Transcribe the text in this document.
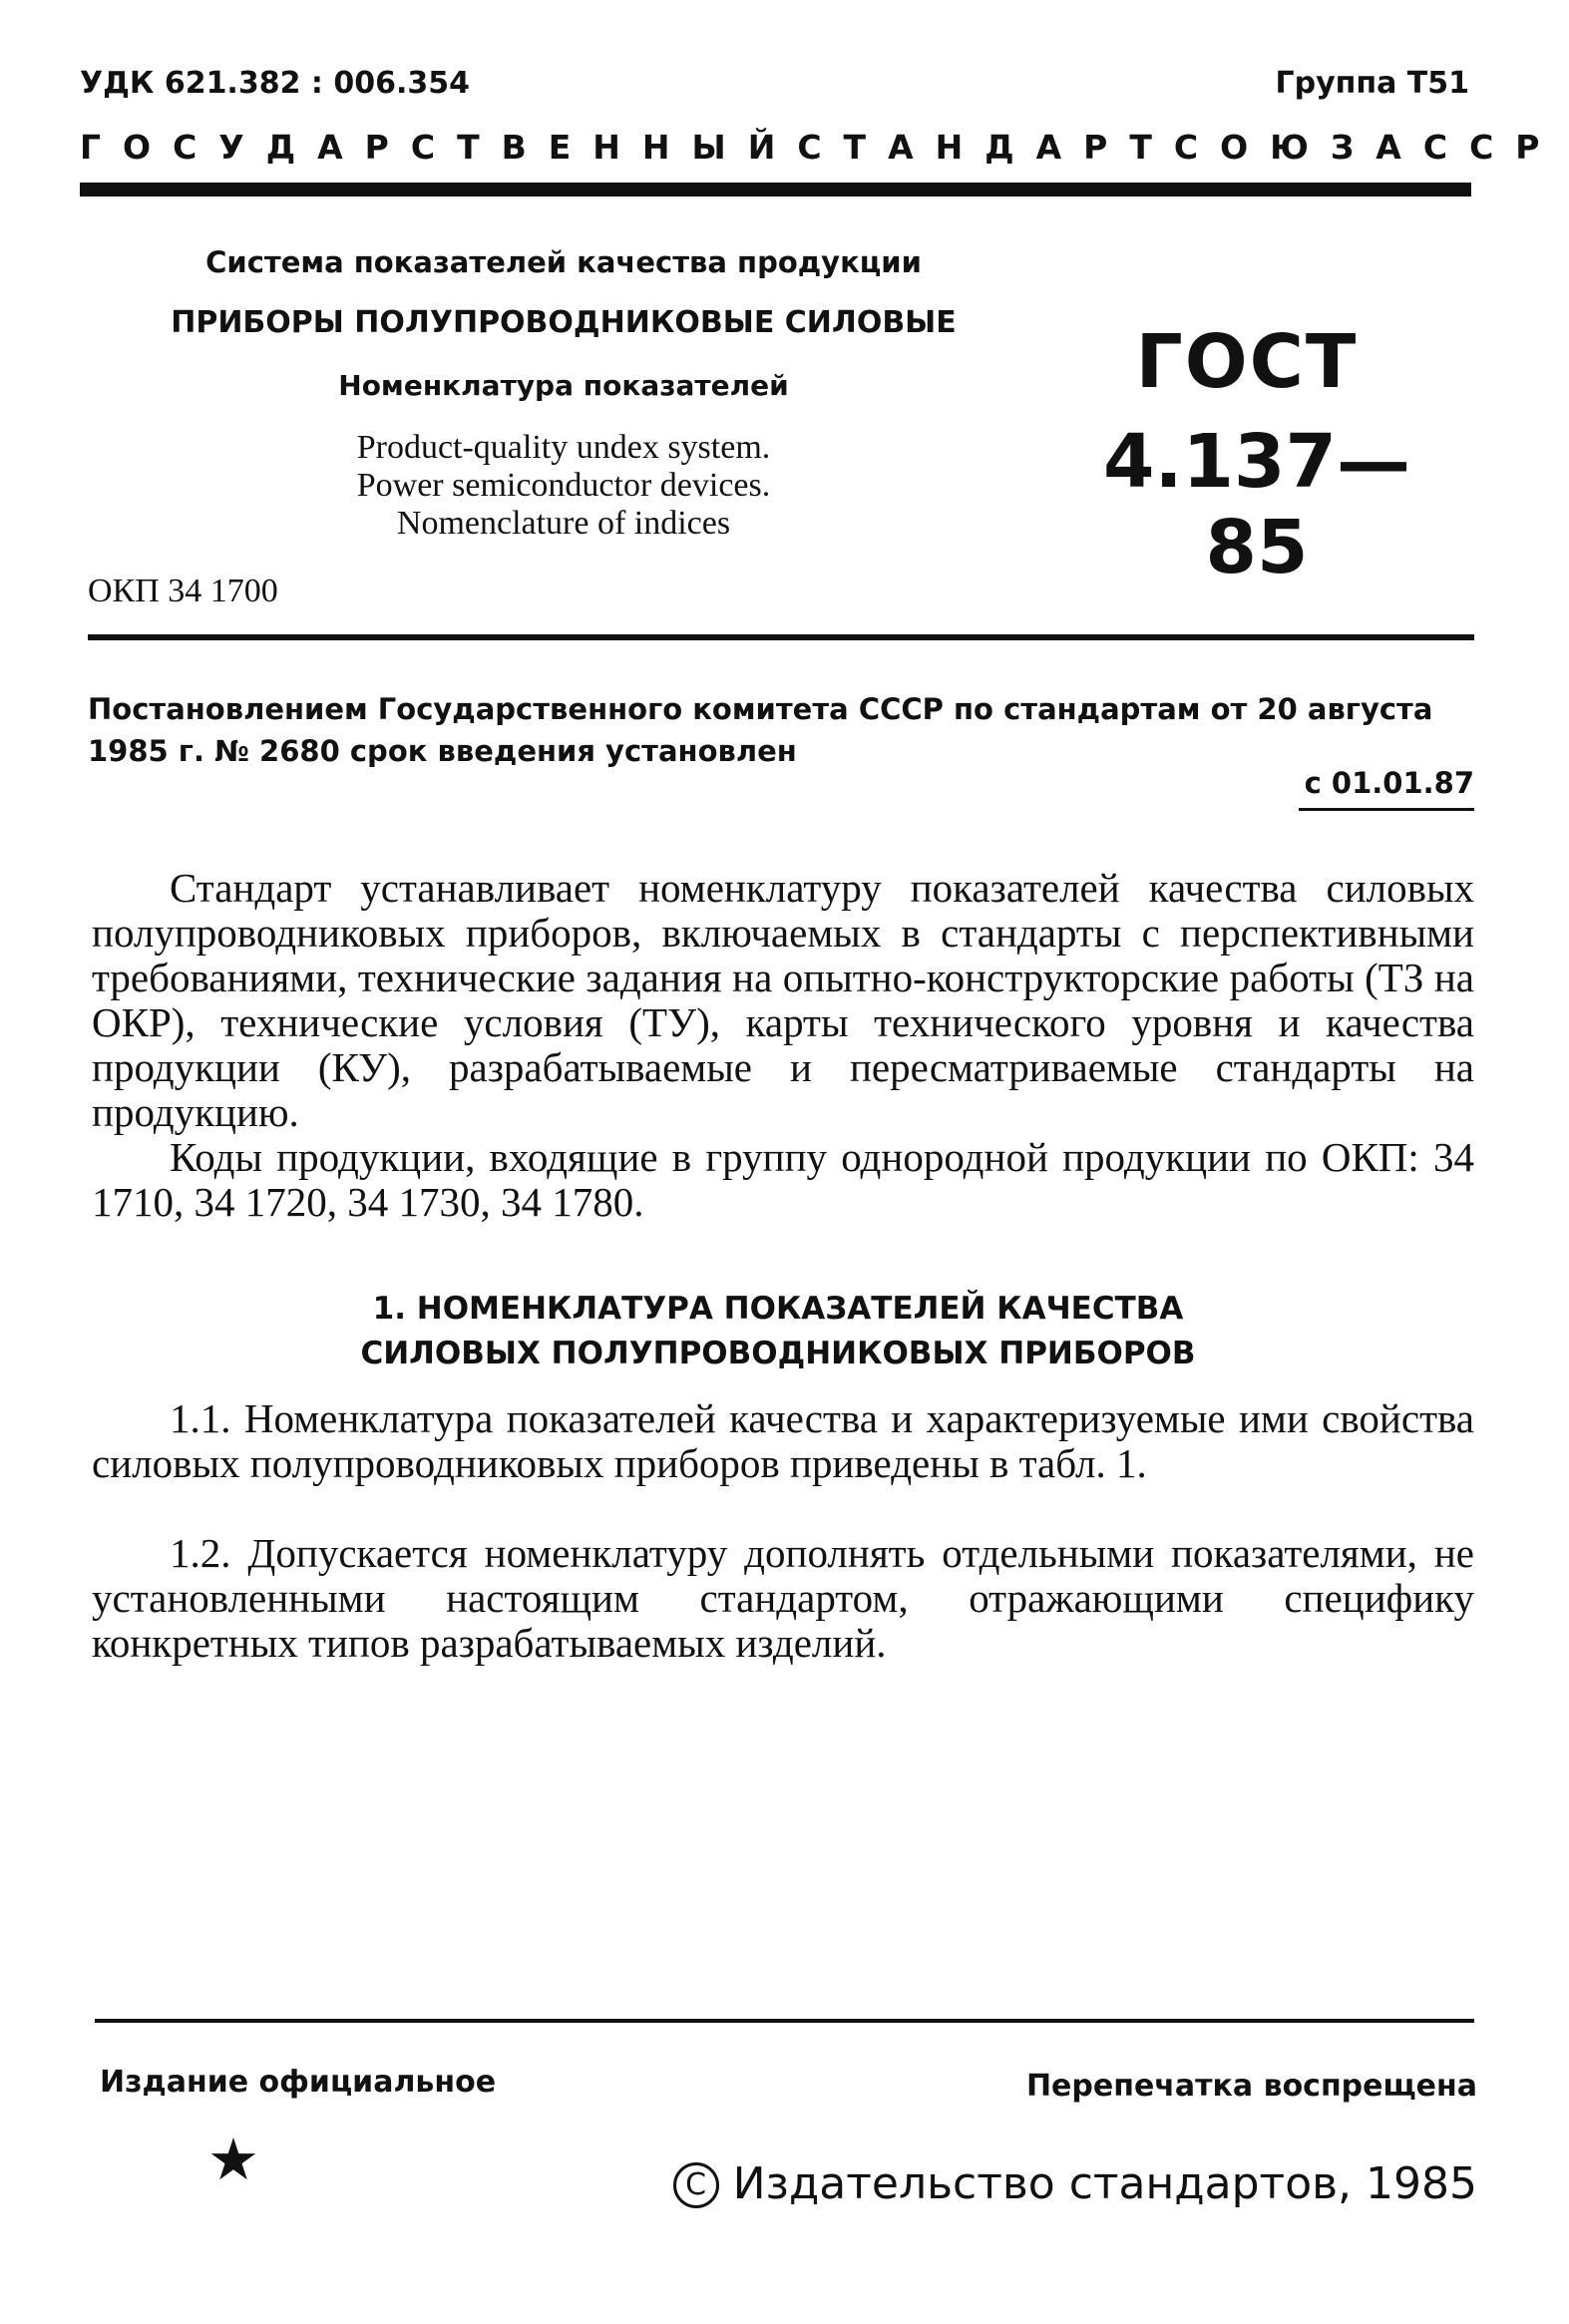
УДК 621.382 : 006.354	Группа Т51
ГОСУДАРСТВЕННЫЙ СТАНДАРТ СОЮЗА ССР
Система показателей качества продукции
ПРИБОРЫ ПОЛУПРОВОДНИКОВЫЕ СИЛОВЫЕ
Номенклатура показателей
Product-quality undex system.
Power semiconductor devices.
Nomenclature of indices
ГОСТ
4.137—85
ОКП 34 1700
Постановлением Государственного комитета СССР по стандартам от 20 августа 1985 г. № 2680 срок введения установлен
с 01.01.87
Стандарт устанавливает номенклатуру показателей качества силовых полупроводниковых приборов, включаемых в стандарты с перспективными требованиями, технические задания на опытно-конструкторские работы (ТЗ на ОКР), технические условия (ТУ), карты технического уровня и качества продукции (КУ), разрабатываемые и пересматриваемые стандарты на продукцию.
Коды продукции, входящие в группу однородной продукции по ОКП: 34 1710, 34 1720, 34 1730, 34 1780.
1. НОМЕНКЛАТУРА ПОКАЗАТЕЛЕЙ КАЧЕСТВА
СИЛОВЫХ ПОЛУПРОВОДНИКОВЫХ ПРИБОРОВ
1.1. Номенклатура показателей качества и характеризуемые ими свойства силовых полупроводниковых приборов приведены в табл. 1.
1.2. Допускается номенклатуру дополнять отдельными показателями, не установленными настоящим стандартом, отражающими специфику конкретных типов разрабатываемых изделий.
Издание официальное	Перепечатка воспрещена
★	С Издательство стандартов, 1985
